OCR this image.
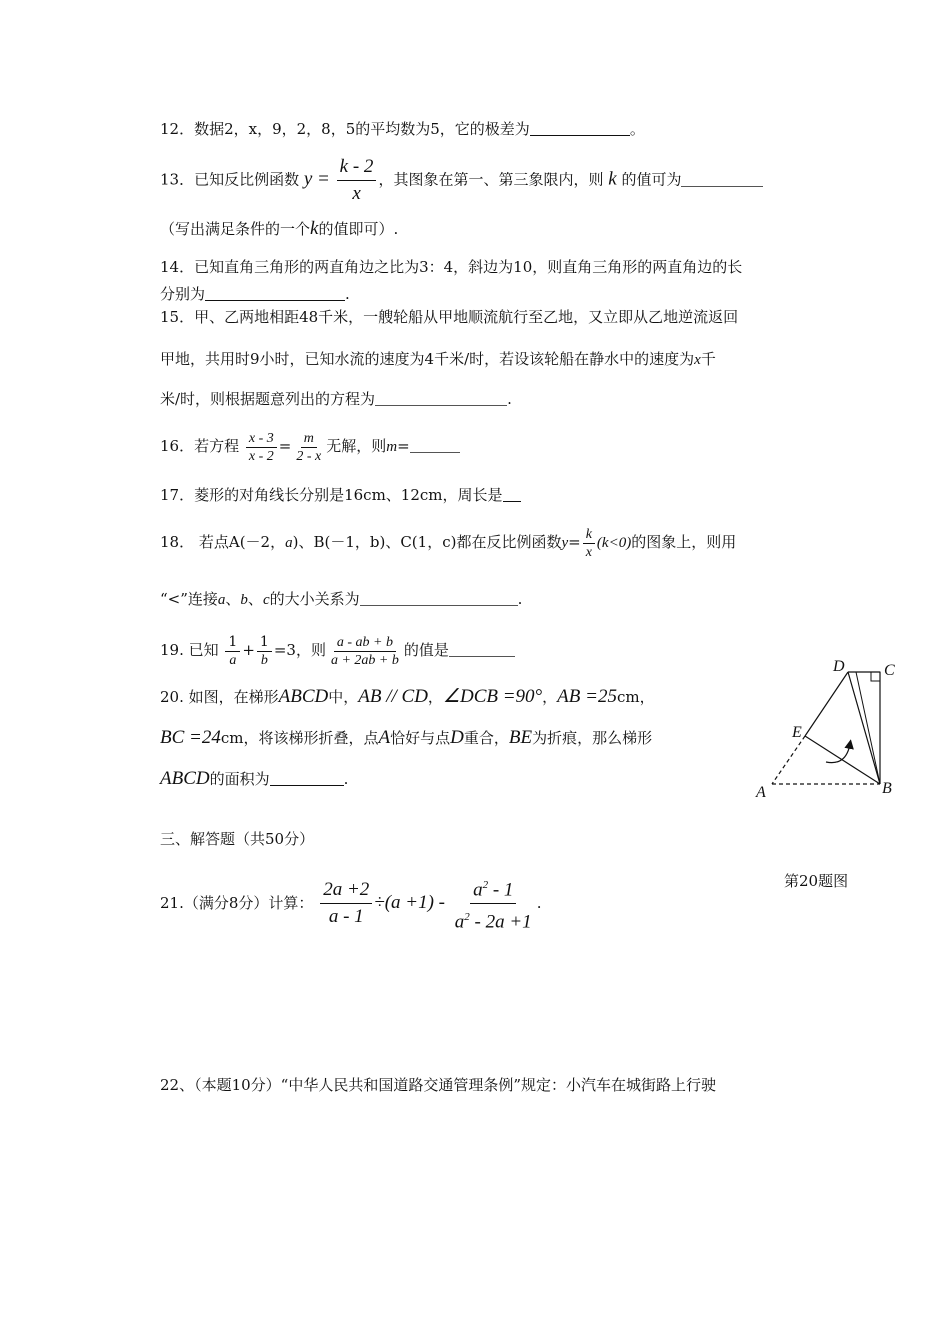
12．数据2，x，9，2，8，5的平均数为5，它的极差为	。
13．已知反比例函数 $y = \frac{k - 2}{x}$ ，其图象在第一、第三象限内，则 k 的值可为
（写出满足条件的一个k的值即可）.
14．已知直角三角形的两直角边之比为3：4，斜边为10，则直角三角形的两直角边的长
分别为	.
15．甲、乙两地相距48千米，一艘轮船从甲地顺流航行至乙地，又立即从乙地逆流返回
甲地，共用时9小时，已知水流的速度为4千米/时，若设该轮船在静水中的速度为x千
米/时，则根据题意列出的方程为	.
16．若方程 $\frac{x - 3}{x - 2} = \frac{m}{2 - x}$ 无解，则m=
17．菱形的对角线长分别是16cm、12cm，周长是
18． 若点A(－2，a)、B(－1，b)、C(1，c)都在反比例函数$y= \frac{k}{x} (k<0)$的图象上，则用
“<”连接a、b、c的大小关系为	.
19. 已知 $\frac{1}{a} + \frac{1}{b} =3$，则 $\frac{a - ab + b}{a + 2ab + b}$ 的值是
20. 如图，在梯形ABCD中，AB // CD，∠DCB =90°，AB =25cm，
BC =24cm，将该梯形折叠，点A恰好与点D重合，BE为折痕，那么梯形
ABCD的面积为	.
D C
E
A	B
第20题图
三、解答题（共50分）
21.（满分8分）计算： $\frac{2a +2}{a - 1} \div(a +1) - \frac{a^2 - 1}{a^2 - 2a +1}$ .
22、（本题10分）“中华人民共和国道路交通管理条例”规定：小汽车在城街路上行驶
